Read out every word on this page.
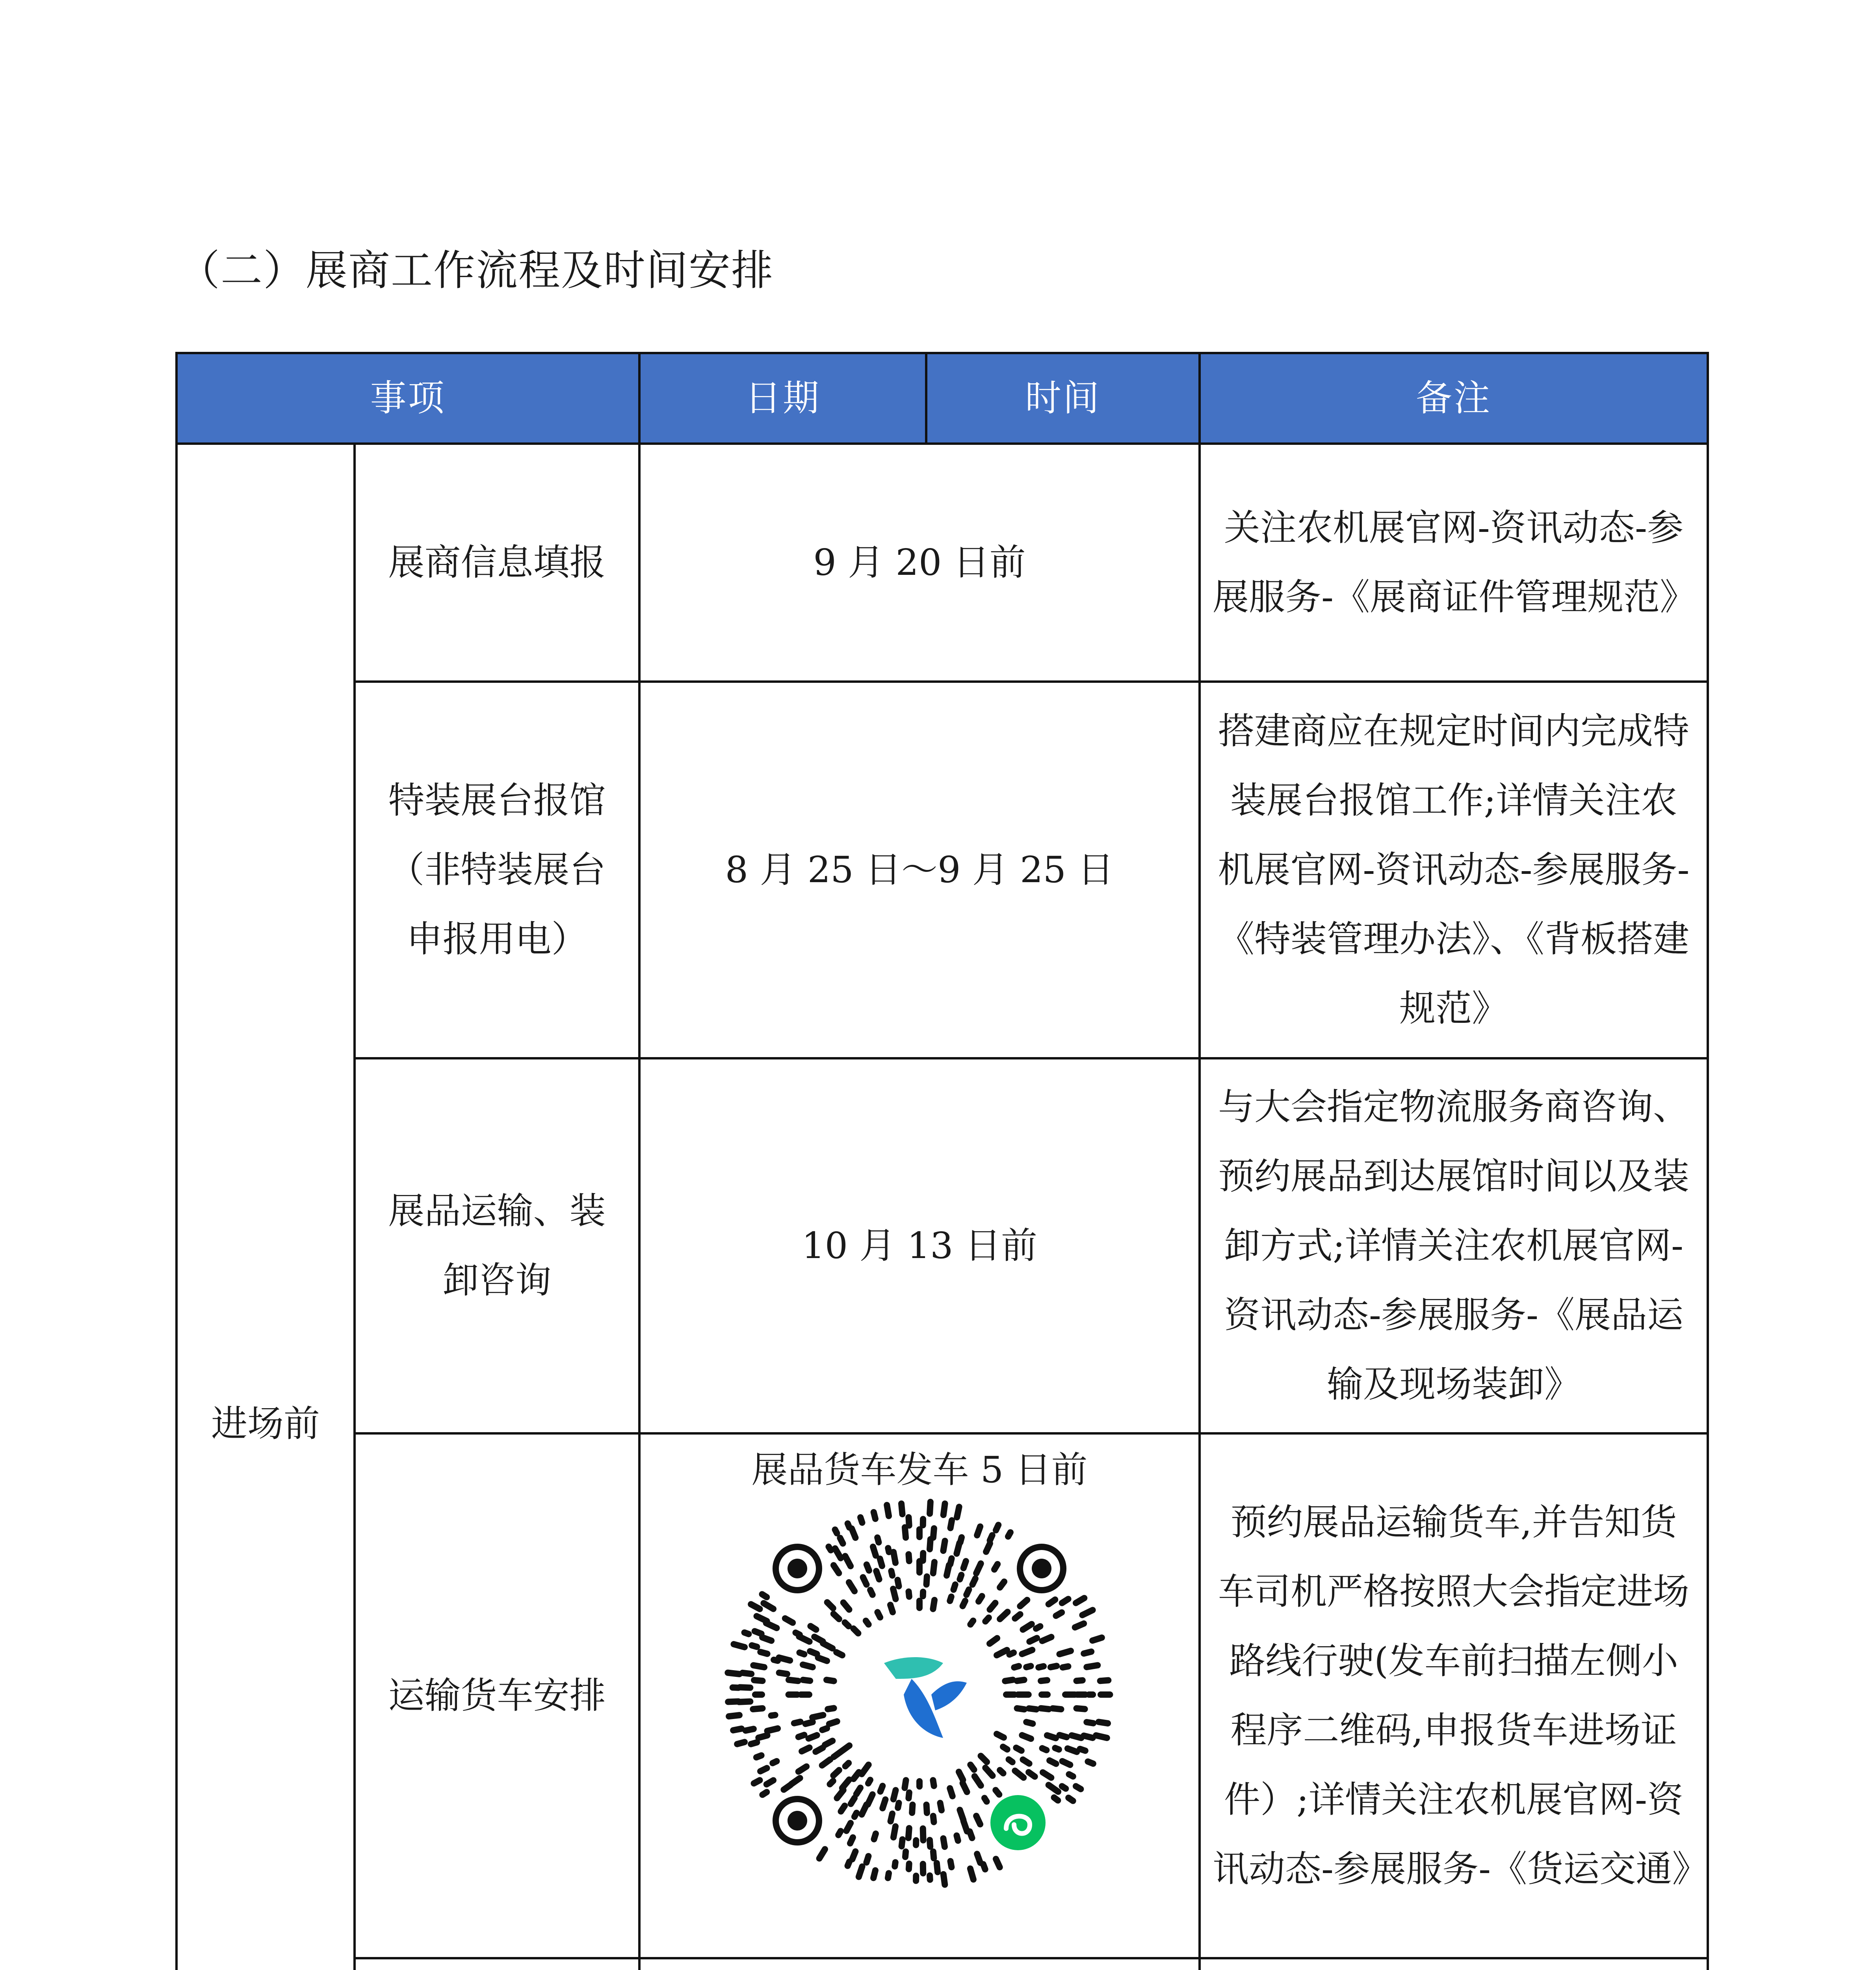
（二）展商工作流程及时间安排
事项		日期	时间	备注
进场前	展商信息填报	9 月 20 日前		关注农机展官网-资讯动态-参展服务-《展商证件管理规范》
	特装展台报馆（非特装展台申报用电）	8 月 25 日～9 月 25 日		搭建商应在规定时间内完成特装展台报馆工作;详情关注农机展官网-资讯动态-参展服务-《特装管理办法》、《背板搭建规范》
	展品运输、装卸咨询	10 月 13 日前		与大会指定物流服务商咨询、预约展品到达展馆时间以及装卸方式;详情关注农机展官网-资讯动态-参展服务-《展品运输及现场装卸》
	运输货车安排	展品货车发车 5 日前		预约展品运输货车,并告知货车司机严格按照大会指定进场路线行驶(发车前扫描左侧小程序二维码,申报货车进场证件）;详情关注农机展官网-资讯动态-参展服务-《货运交通》
